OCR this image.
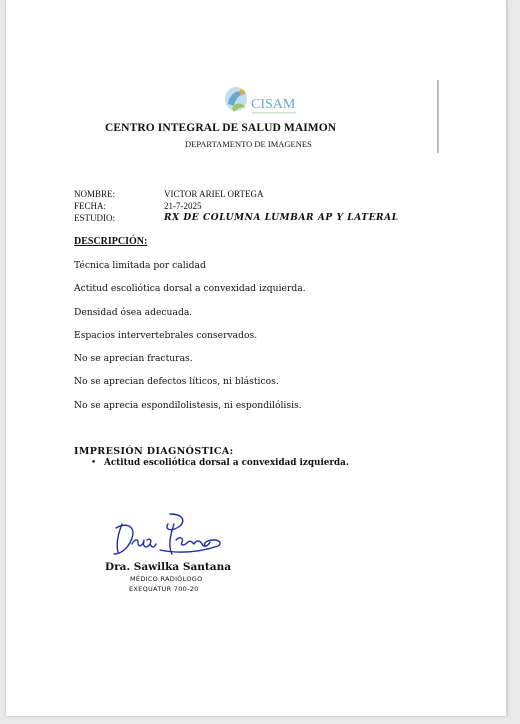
CISAM
CENTRO INTEGRAL DE SALUD MAIMON
DEPARTAMENTO DE IMAGENES
NOMBRE:	VICTOR ARIEL ORTEGA
FECHA:	21-7-2025
ESTUDIO:	RX DE COLUMNA LUMBAR AP Y LATERAL
DESCRIPCIÓN:
Técnica limitada por calidad
Actitud escoliótica dorsal a convexidad izquierda.
Densidad ósea adecuada.
Espacios intervertebrales conservados.
No se aprecian fracturas.
No se aprecian defectos líticos, ni blásticos.
No se aprecia espondilolistesis, ni espondilólisis.
IMPRESIÓN DIAGNÓSTICA:
• Actitud escoliótica dorsal a convexidad izquierda.
Dra. Sawilka Santana
MÉDICO RADIÓLOGO
EXEQUATUR 700-20
